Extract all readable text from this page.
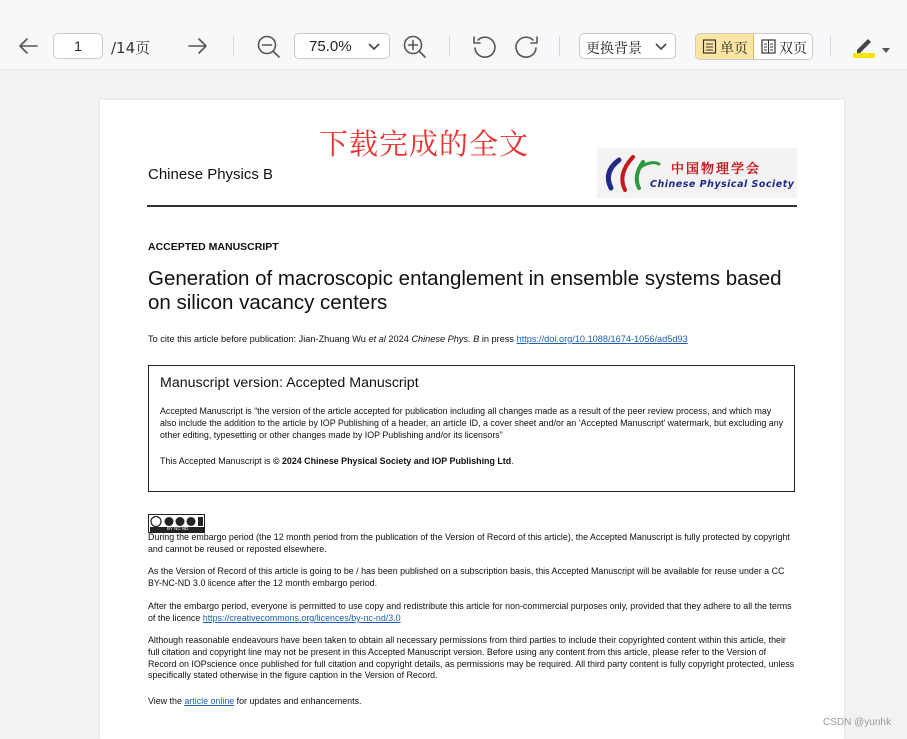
1	/14页	75.0%	更换背景	单页 双页
下载完成的全文
Chinese Physics B	中国物理学会
Chinese Physical Society
ACCEPTED MANUSCRIPT
Generation of macroscopic entanglement in ensemble systems based on silicon vacancy centers
To cite this article before publication: Jian-Zhuang Wu et al 2024 Chinese Phys. B in press https://doi.org/10.1088/1674-1056/ad5d93
Manuscript version: Accepted Manuscript
Accepted Manuscript is “the version of the article accepted for publication including all changes made as a result of the peer review process, and which may also include the addition to the article by IOP Publishing of a header, an article ID, a cover sheet and/or an ‘Accepted Manuscript’ watermark, but excluding any other editing, typesetting or other changes made by IOP Publishing and/or its licensors”
This Accepted Manuscript is © 2024 Chinese Physical Society and IOP Publishing Ltd.
BY NC ND
During the embargo period (the 12 month period from the publication of the Version of Record of this article), the Accepted Manuscript is fully protected by copyright and cannot be reused or reposted elsewhere.
As the Version of Record of this article is going to be / has been published on a subscription basis, this Accepted Manuscript will be available for reuse under a CC BY-NC-ND 3.0 licence after the 12 month embargo period.
After the embargo period, everyone is permitted to use copy and redistribute this article for non-commercial purposes only, provided that they adhere to all the terms of the licence https://creativecommons.org/licences/by-nc-nd/3.0
Although reasonable endeavours have been taken to obtain all necessary permissions from third parties to include their copyrighted content within this article, their full citation and copyright line may not be present in this Accepted Manuscript version. Before using any content from this article, please refer to the Version of Record on IOPscience once published for full citation and copyright details, as permissions may be required. All third party content is fully copyright protected, unless specifically stated otherwise in the figure caption in the Version of Record.
View the article online for updates and enhancements.
CSDN @yunhk
